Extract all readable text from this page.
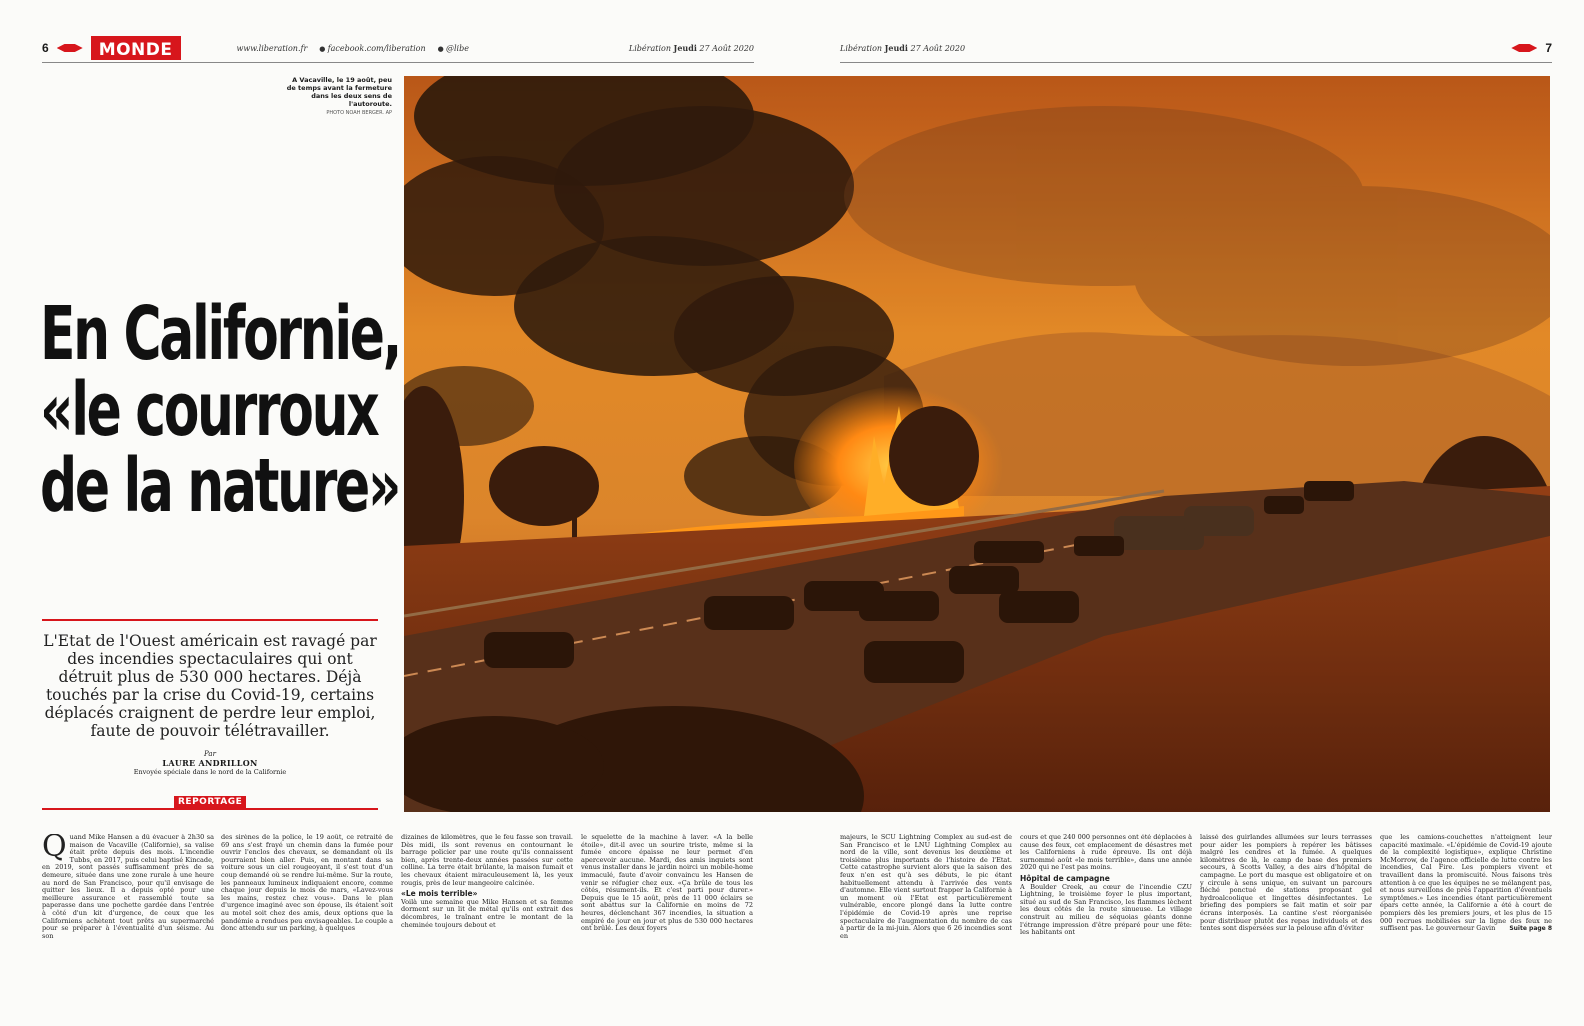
6	MONDE	www.liberation.fr	● facebook.com/liberation	● @libe	Libération Jeudi 27 Août 2020	Libération Jeudi 27 Août 2020	7
A Vacaville, le 19 août, peu de temps avant la fermeture dans les deux sens de l'autoroute.
PHOTO NOAH BERGER. AP
En Californie,
«le courroux
de la nature»
L'Etat de l'Ouest américain est ravagé par des incendies spectaculaires qui ont détruit plus de 530 000 hectares. Déjà touchés par la crise du Covid-19, certains déplacés craignent de perdre leur emploi, faute de pouvoir télétravailler.
Par
LAURE ANDRILLON
Envoyée spéciale dans le nord de la Californie
REPORTAGE
Quand Mike Hansen a dû évacuer à 2h30 sa maison de Vacaville (Californie), sa valise était prête depuis des mois. L'incendie Tubbs, en 2017, puis celui baptisé Kincade, en 2019, sont passés suffisamment près de sa demeure, située dans une zone rurale à une heure au nord de San Francisco, pour qu'il envisage de quitter les lieux. Il a depuis opté pour une meilleure assurance et rassemblé toute sa paperasse dans une pochette gardée dans l'entrée à côté d'un kit d'urgence, de ceux que les Californiens achètent tout prêts au supermarché pour se préparer à l'éventualité d'un séisme. Au son
des sirènes de la police, le 19 août, ce retraité de 69 ans s'est frayé un chemin dans la fumée pour ouvrir l'enclos des chevaux, se demandant où ils pourraient bien aller. Puis, en montant dans sa voiture sous un ciel rougeoyant, il s'est tout d'un coup demandé où se rendre lui-même. Sur la route, les panneaux lumineux indiquaient encore, comme chaque jour depuis le mois de mars, «Lavez-vous les mains, restez chez vous». Dans le plan d'urgence imaginé avec son épouse, ils étaient soit au motel soit chez des amis, deux options que la pandémie a rendues peu envisageables. Le couple a donc attendu sur un parking, à quelques
dizaines de kilomètres, que le feu fasse son travail. Dès midi, ils sont revenus en contournant le barrage policier par une route qu'ils connaissent bien, après trente-deux années passées sur cette colline. La terre était brûlante, la maison fumait et les chevaux étaient miraculeusement là, les yeux rougis, près de leur mangeoire calcinée.
«Le mois terrible»
Voilà une semaine que Mike Hansen et sa femme dorment sur un lit de métal qu'ils ont extrait des décombres, le traînant entre le montant de la cheminée toujours debout et
le squelette de la machine à laver. «A la belle étoile», dit-il avec un sourire triste, même si la fumée encore épaisse ne leur permet d'en apercevoir aucune. Mardi, des amis inquiets sont venus installer dans le jardin noirci un mobile-home immaculé, faute d'avoir convaincu les Hansen de venir se réfugier chez eux. «Ça brûle de tous les côtés, résument-ils. Et c'est parti pour durer.» Depuis que le 15 août, près de 11 000 éclairs se sont abattus sur la Californie en moins de 72 heures, déclenchant 367 incendies, la situation a empiré de jour en jour et plus de 530 000 hectares ont brûlé. Les deux foyers
majeurs, le SCU Lightning Complex au sud-est de San Francisco et le LNU Lightning Complex au nord de la ville, sont devenus les deuxième et troisième plus importants de l'histoire de l'Etat. Cette catastrophe survient alors que la saison des feux n'en est qu'à ses débuts, le pic étant habituellement attendu à l'arrivée des vents d'automne. Elle vient surtout frapper la Californie à un moment où l'Etat est particulièrement vulnérable, encore plongé dans la lutte contre l'épidémie de Covid-19 après une reprise spectaculaire de l'augmentation du nombre de cas à partir de la mi-juin. Alors que 6 26 incendies sont en
cours et que 240 000 personnes ont été déplacées à cause des feux, cet emplacement de désastres met les Californiens à rude épreuve. Ils ont déjà surnommé août «le mois terrible», dans une année 2020 qui ne l'est pas moins.
Hôpital de campagne
A Boulder Creek, au cœur de l'incendie CZU Lightning, le troisième foyer le plus important, situé au sud de San Francisco, les flammes lèchent les deux côtés de la route sinueuse. Le village construit au milieu de séquoias géants donne l'étrange impression d'être préparé pour une fête: les habitants ont
laissé des guirlandes allumées sur leurs terrasses pour aider les pompiers à repérer les bâtisses malgré les cendres et la fumée. A quelques kilomètres de là, le camp de base des premiers secours, à Scotts Valley, a des airs d'hôpital de campagne. Le port du masque est obligatoire et on y circule à sens unique, en suivant un parcours fléché ponctué de stations proposant gel hydroalcoolique et lingettes désinfectantes. Le briefing des pompiers se fait matin et soir par écrans interposés. La cantine s'est réorganisée pour distribuer plutôt des repas individuels et des tentes sont dispersées sur la pelouse afin d'éviter
que les camions-couchettes n'atteignent leur capacité maximale. «L'épidémie de Covid-19 ajoute de la complexité logistique», explique Christine McMorrow, de l'agence officielle de lutte contre les incendies, Cal Fire. Les pompiers vivent et travaillent dans la promiscuité. Nous faisons très attention à ce que les équipes ne se mélangent pas, et nous surveillons de près l'apparition d'éventuels symptômes.» Les incendies étant particulièrement épars cette année, la Californie a été à court de pompiers dès les premiers jours, et les plus de 15 000 recrues mobilisées sur la ligne des feux ne suffisent pas. Le gouverneur Gavin Suite page 8
